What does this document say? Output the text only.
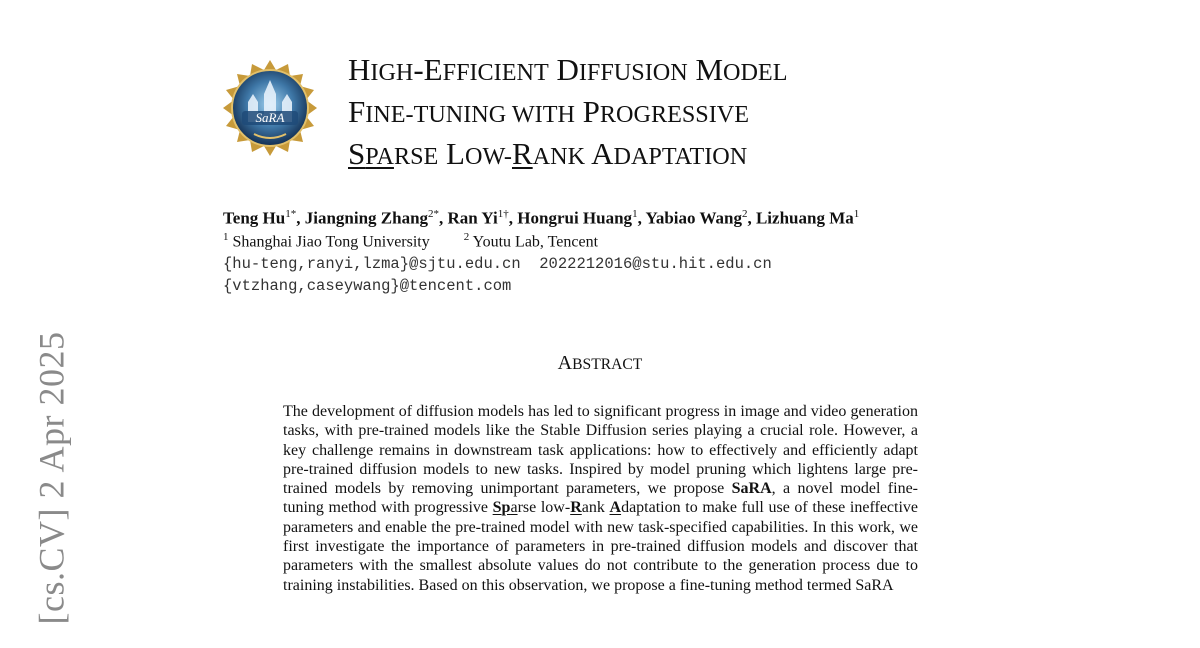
[cs.CV] 2 Apr 2025
SaRA
HIGH-EFFICIENT DIFFUSION MODEL
FINE-TUNING WITH PROGRESSIVE
SPARSE LOW-RANK ADAPTATION
Teng $Hu^{1*}$, Jiangning Zhang$^{2*}$, Ran $Yi^{1\dagger}$, Hongrui Huang$^1$, Yabiao Wang$^2$, Lizhuang Ma$^1$
$^1$ Shanghai Jiao Tong University	$^2$ Youtu Lab, Tencent
{hu-teng,ranyi,lzma}@sjtu.edu.cn  2022212016@stu.hit.edu.cn
{vtzhang,caseywang}@tencent.com
ABSTRACT

The development of diffusion models has led to significant progress in image and video generation tasks, with pre-trained models like the Stable Diffusion series playing a crucial role. However, a key challenge remains in downstream task applications: how to effectively and efficiently adapt pre-trained diffusion models to new tasks. Inspired by model pruning which lightens large pre-trained models by removing unimportant parameters, we propose SaRA, a novel model fine-tuning method with progressive Sparse low-Rank Adaptation to make full use of these ineffective parameters and enable the pre-trained model with new task-specified capabilities. In this work, we first investigate the importance of parameters in pre-trained diffusion models and discover that parameters with the smallest absolute values do not contribute to the generation process due to training instabilities. Based on this observation, we propose a fine-tuning method termed SaRA
